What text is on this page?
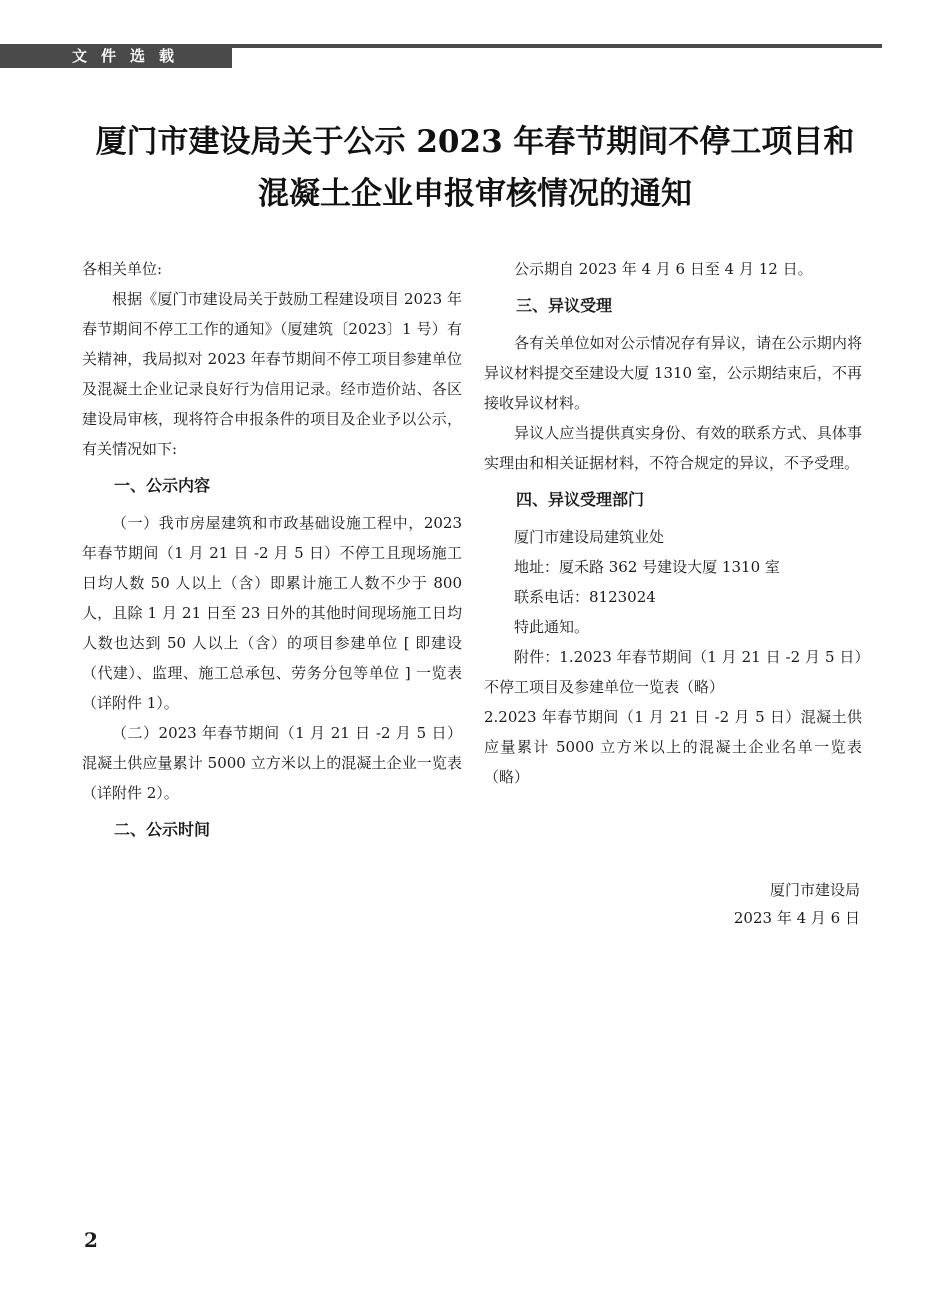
文件选载
厦门市建设局关于公示 2023 年春节期间不停工项目和
混凝土企业申报审核情况的通知

各相关单位:

根据《厦门市建设局关于鼓励工程建设项目 2023 年春节期间不停工工作的通知》（厦建筑〔2023〕1 号）有关精神，我局拟对 2023 年春节期间不停工项目参建单位及混凝土企业记录良好行为信用记录。经市造价站、各区建设局审核，现将符合申报条件的项目及企业予以公示，有关情况如下:

一、公示内容

（一）我市房屋建筑和市政基础设施工程中，2023 年春节期间（1 月 21 日 -2 月 5 日）不停工且现场施工日均人数 50 人以上（含）即累计施工人数不少于 800 人，且除 1 月 21 日至 23 日外的其他时间现场施工日均人数也达到 50 人以上（含）的项目参建单位 [ 即建设（代建）、监理、施工总承包、劳务分包等单位 ] 一览表（详附件 1）。

（二）2023 年春节期间（1 月 21 日 -2 月 5 日）混凝土供应量累计 5000 立方米以上的混凝土企业一览表（详附件 2）。

二、公示时间

公示期自 2023 年 4 月 6 日至 4 月 12 日。

三、异议受理

各有关单位如对公示情况存有异议，请在公示期内将异议材料提交至建设大厦 1310 室，公示期结束后，不再接收异议材料。

异议人应当提供真实身份、有效的联系方式、具体事实理由和相关证据材料，不符合规定的异议，不予受理。

四、异议受理部门

厦门市建设局建筑业处

地址：厦禾路 362 号建设大厦 1310 室

联系电话：8123024

特此通知。

附件：1.2023 年春节期间（1 月 21 日 -2 月 5 日）不停工项目及参建单位一览表（略）

2.2023 年春节期间（1 月 21 日 -2 月 5 日）混凝土供应量累计 5000 立方米以上的混凝土企业名单一览表（略）

厦门市建设局
2023 年 4 月 6 日
2
